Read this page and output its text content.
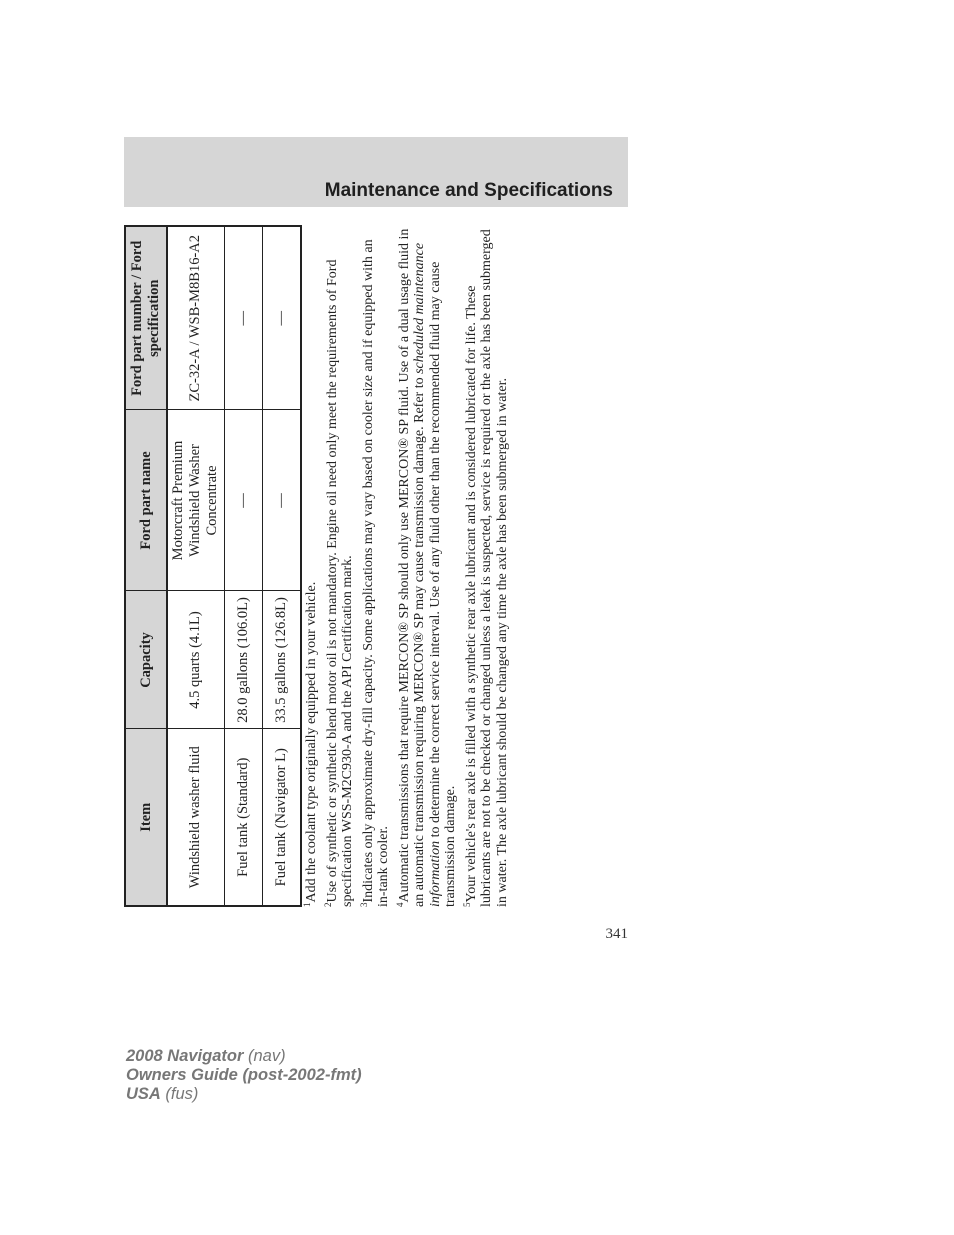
Maintenance and Specifications
Item	Capacity	Ford part name	Ford part number / Ford specification
Windshield washer fluid	4.5 quarts (4.1L)	Motorcraft Premium Windshield Washer Concentrate	ZC-32-A / WSB-M8B16-A2
Fuel tank (Standard)	28.0 gallons (106.0L)	—	—
Fuel tank (Navigator L)	33.5 gallons (126.8L)	—	—

$^1$Add the coolant type originally equipped in your vehicle.

$^2$Use of synthetic or synthetic blend motor oil is not mandatory. Engine oil need only meet the requirements of Ford specification WSS-M2C930-A and the API Certification mark. $^3$Indicates only approximate dry-fill capacity. Some applications may vary based on cooler size and if equipped with an in-tank cooler. $^4$Automatic transmissions that require MERCON® SP should only use MERCON® SP fluid. Use of a dual usage fluid in an automatic transmission requiring MERCON® SP may cause transmission damage. Refer to scheduled maintenance information to determine the correct service interval. Use of any fluid other than the recommended fluid may cause transmission damage. $^5$Your vehicle's rear axle is filled with a synthetic rear axle lubricant and is considered lubricated for life. These lubricants are not to be checked or changed unless a leak is suspected, service is required or the axle has been submerged in water. The axle lubricant should be changed any time the axle has been submerged in water.

341
2008 Navigator (nav)
Owners Guide (post-2002-fmt)
USA (fus)
